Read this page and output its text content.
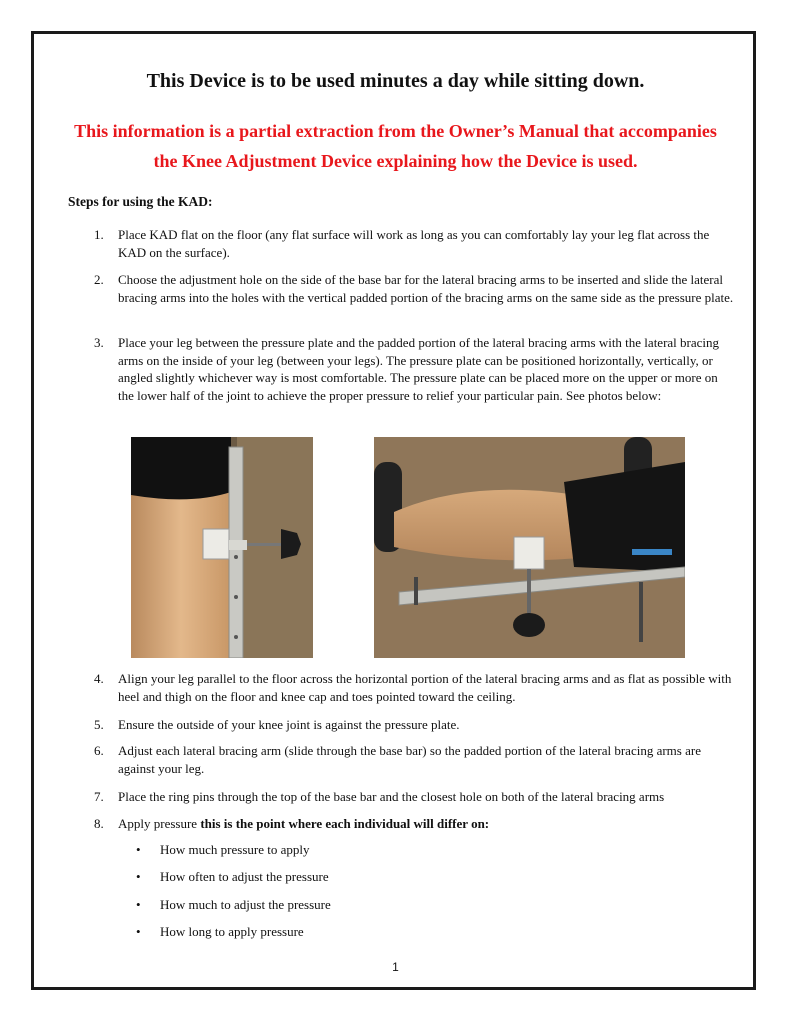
This Device is to be used minutes a day while sitting down.
This information is a partial extraction from the Owner’s Manual that accompanies
the Knee Adjustment Device explaining how the Device is used.
Steps for using the KAD:
1. Place KAD flat on the floor (any flat surface will work as long as you can comfortably lay your leg flat across the KAD on the surface).
2. Choose the adjustment hole on the side of the base bar for the lateral bracing arms to be inserted and slide the lateral bracing arms into the holes with the vertical padded portion of the bracing arms on the same side as the pressure plate.
3. Place your leg between the pressure plate and the padded portion of the lateral bracing arms with the lateral bracing arms on the inside of your leg (between your legs). The pressure plate can be positioned horizontally, vertically, or angled slightly whichever way is most comfortable. The pressure plate can be placed more on the upper or more on the lower half of the joint to achieve the proper pressure to relief your particular pain. See photos below:
4. Align your leg parallel to the floor across the horizontal portion of the lateral bracing arms and as flat as possible with heel and thigh on the floor and knee cap and toes pointed toward the ceiling.
5. Ensure the outside of your knee joint is against the pressure plate.
6. Adjust each lateral bracing arm (slide through the base bar) so the padded portion of the lateral bracing arms are against your leg.
7. Place the ring pins through the top of the base bar and the closest hole on both of the lateral bracing arms
8. Apply pressure this is the point where each individual will differ on:
• How much pressure to apply
• How often to adjust the pressure
• How much to adjust the pressure
• How long to apply pressure
1
